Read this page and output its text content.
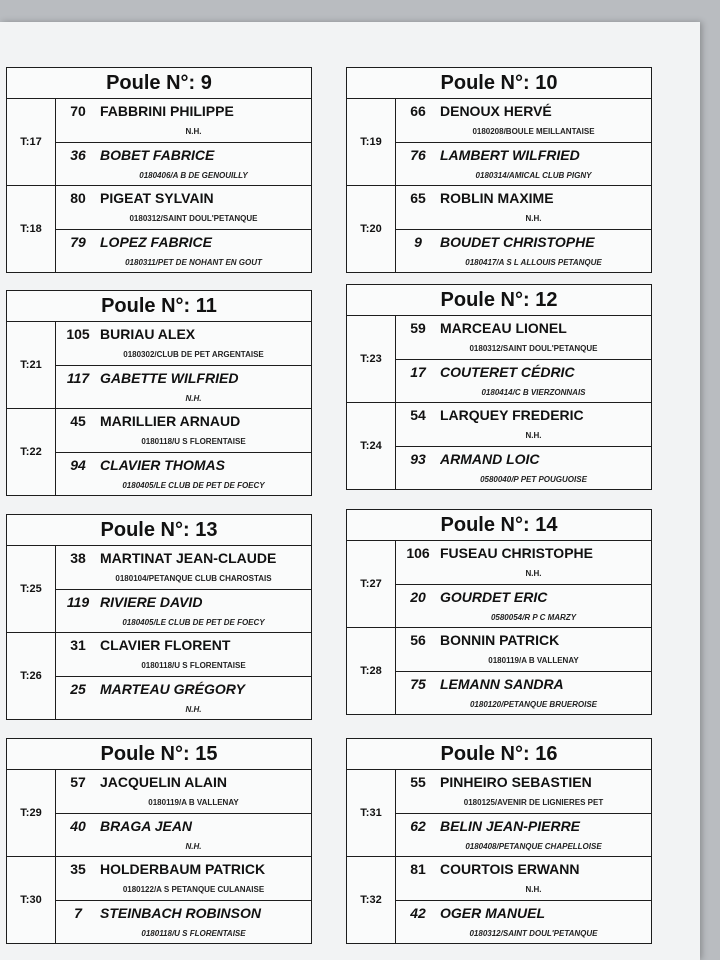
Poule N°: 9
T:17
70	FABBRINI PHILIPPE
N.H.
36	BOBET FABRICE
0180406/A B DE GENOUILLY
T:18
80	PIGEAT SYLVAIN
0180312/SAINT DOUL'PETANQUE
79	LOPEZ FABRICE
0180311/PET DE NOHANT EN GOUT
Poule N°: 10
T:19
66	DENOUX HERVÉ
0180208/BOULE MEILLANTAISE
76	LAMBERT WILFRIED
0180314/AMICAL CLUB PIGNY
T:20
65	ROBLIN MAXIME
N.H.
9	BOUDET CHRISTOPHE
0180417/A S L ALLOUIS PETANQUE
Poule N°: 11
T:21
105 BURIAU ALEX
0180302/CLUB DE PET ARGENTAISE
117 GABETTE WILFRIED
N.H.
T:22
45	MARILLIER ARNAUD
0180118/U S FLORENTAISE
94	CLAVIER THOMAS
0180405/LE CLUB DE PET DE FOECY
Poule N°: 12
T:23
59	MARCEAU LIONEL
0180312/SAINT DOUL'PETANQUE
17	COUTERET CÉDRIC
0180414/C B VIERZONNAIS
T:24
54	LARQUEY FREDERIC
N.H.
93	ARMAND LOIC
0580040/P PET POUGUOISE
Poule N°: 13
T:25
38	MARTINAT JEAN-CLAUDE
0180104/PETANQUE CLUB CHAROSTAIS
119 RIVIERE DAVID
0180405/LE CLUB DE PET DE FOECY
T:26
31	CLAVIER FLORENT
0180118/U S FLORENTAISE
25	MARTEAU GRÉGORY
N.H.
Poule N°: 14
T:27
106 FUSEAU CHRISTOPHE
N.H.
20	GOURDET ERIC
0580054/R P C MARZY
T:28
56	BONNIN PATRICK
0180119/A B VALLENAY
75	LEMANN SANDRA
0180120/PETANQUE BRUEROISE
Poule N°: 15
T:29
57	JACQUELIN ALAIN
0180119/A B VALLENAY
40	BRAGA JEAN
N.H.
T:30
35	HOLDERBAUM PATRICK
0180122/A S PETANQUE CULANAISE
7	STEINBACH ROBINSON
0180118/U S FLORENTAISE
Poule N°: 16
T:31
55	PINHEIRO SEBASTIEN
0180125/AVENIR DE LIGNIERES PET
62	BELIN JEAN-PIERRE
0180408/PETANQUE CHAPELLOISE
T:32
81	COURTOIS ERWANN
N.H.
42	OGER MANUEL
0180312/SAINT DOUL'PETANQUE
